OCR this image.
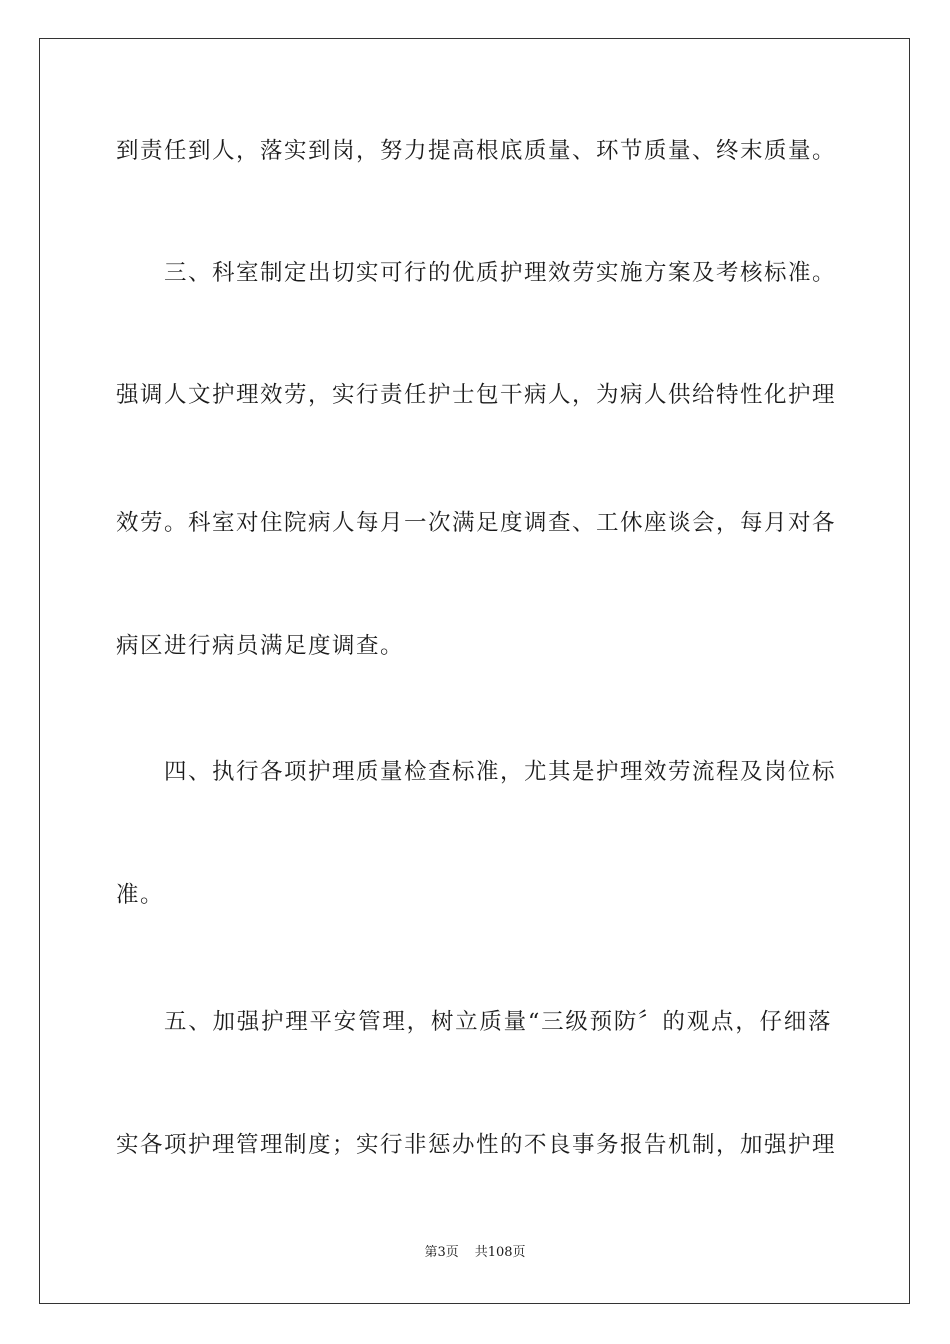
到责任到人，落实到岗，努力提高根底质量、环节质量、终末质量。
三、科室制定出切实可行的优质护理效劳实施方案及考核标准。
强调人文护理效劳，实行责任护士包干病人，为病人供给特性化护理
效劳。科室对住院病人每月一次满足度调查、工休座谈会，每月对各
病区进行病员满足度调查。
四、执行各项护理质量检查标准，尤其是护理效劳流程及岗位标
准。
五、加强护理平安管理，树立质量“三级预防〞的观点，仔细落
实各项护理管理制度；实行非惩办性的不良事务报告机制，加强护理
第3页 共108页
